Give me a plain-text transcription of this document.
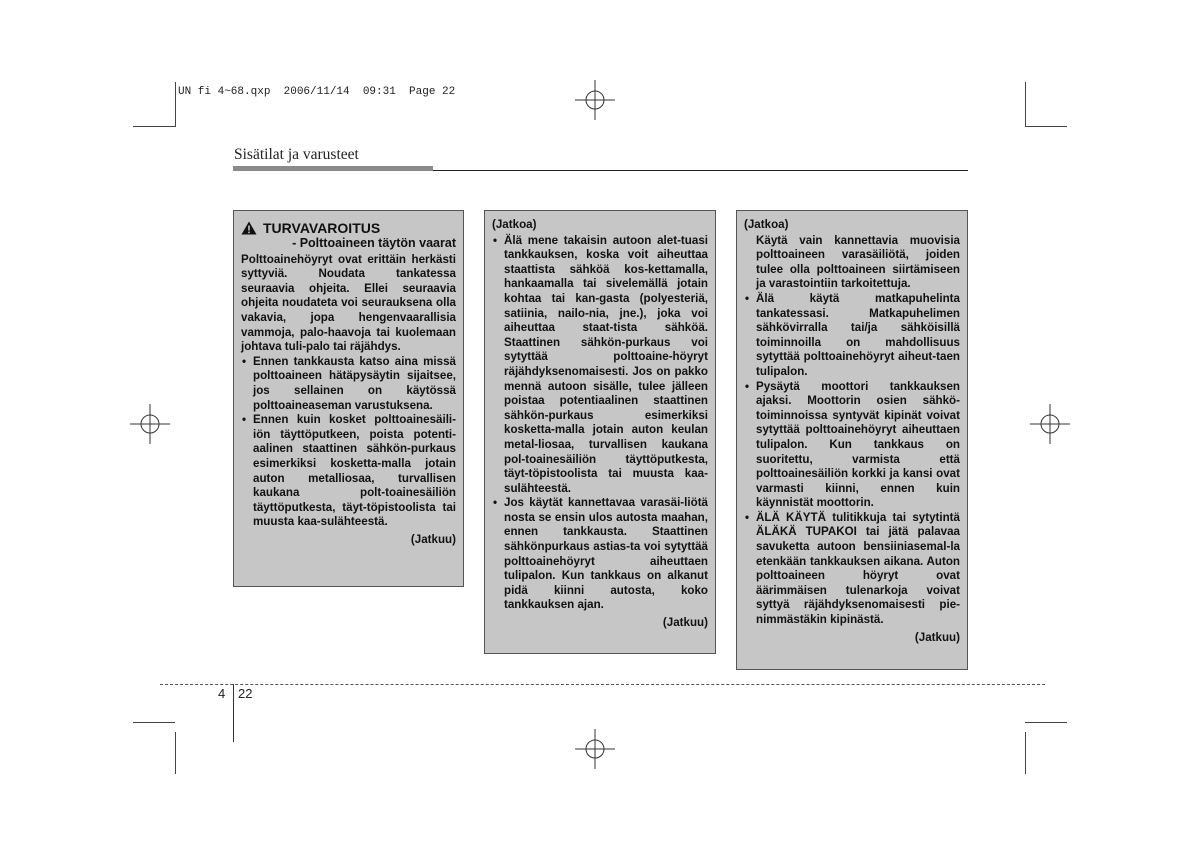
UN fi 4~68.qxp  2006/11/14  09:31  Page 22
Sisätilat ja varusteet
TURVAVAROITUS
- Polttoaineen täytön vaarat

Polttoainehöyryt ovat erittäin herkästi syttyviä. Noudata tankatessa seuraavia ohjeita. Ellei seuraavia ohjeita noudateta voi seurauksena olla vakavia, jopa hengenvaarallisia vammoja, palo-haavoja tai kuolemaan johtava tuli-palo tai räjähdys.

• Ennen tankkausta katso aina missä polttoaineen hätäpysäytin sijaitsee, jos sellainen on käytössä polttoaineaseman varustuksena.
• Ennen kuin kosket polttoainesäili-iön täyttöputkeen, poista potenti-aalinen staattinen sähkön-purkaus esimerkiksi kosketta-malla jotain auton metalliosaa, turvallisen kaukana polt-toainesäiliön täyttöputkesta, täyt-töpistoolista tai muusta kaa-sulähteestä.
(Jatkuu)
(Jatkoa)
• Älä mene takaisin autoon alet-tuasi tankkauksen, koska voit aiheuttaa staattista sähköä kos-kettamalla, hankaamalla tai sivelemällä jotain kohtaa tai kan-gasta (polyesteriä, satiinia, nailo-nia, jne.), joka voi aiheuttaa staat-tista sähköä. Staattinen sähkön-purkaus voi sytyttää polttoaine-höyryt räjähdyksenomaisesti. Jos on pakko mennä autoon sisälle, tulee jälleen poistaa potentiaalinen staattinen sähkön-purkaus esimerkiksi kosketta-malla jotain auton keulan metal-liosaa, turvallisen kaukana pol-toainesäiliön täyttöputkesta, täyt-töpistoolista tai muusta kaa-sulähteestä.
• Jos käytät kannettavaa varasäi-liötä nosta se ensin ulos autosta maahan, ennen tankkausta. Staattinen sähkönpurkaus astias-ta voi sytyttää polttoainehöyryt aiheuttaen tulipalon. Kun tankkaus on alkanut pidä kiinni autosta, koko tankkauksen ajan.
(Jatkuu)
(Jatkoa)
Käytä vain kannettavia muovisia polttoaineen varasäiliötä, joiden tulee olla polttoaineen siirtämiseen ja varastointiin tarkoitettuja.
• Älä käytä matkapuhelinta tankatessasi. Matkapuhelimen sähkövirralla tai/ja sähköisillä toiminnoilla on mahdollisuus sytyttää polttoainehöyryt aiheut-taen tulipalon.
• Pysäytä moottori tankkauksen ajaksi. Moottorin osien sähkö-toiminnoissa syntyvät kipinät voivat sytyttää polttoainehöyryt aiheuttaen tulipalon. Kun tankkaus on suoritettu, varmista että polttoainesäiliön korkki ja kansi ovat varmasti kiinni, ennen kuin käynnistät moottorin.
• ÄLÄ KÄYTÄ tulitikkuja tai sytytintä ÄLÄKÄ TUPAKOI tai jätä palavaa savuketta autoon bensiiniasemal-la etenkään tankkauksen aikana. Auton polttoaineen höyryt ovat äärimmäisen tulenarkoja voivat syttyä räjähdyksenomaisesti pie-nimmästäkin kipinästä.
(Jatkuu)
4 22
